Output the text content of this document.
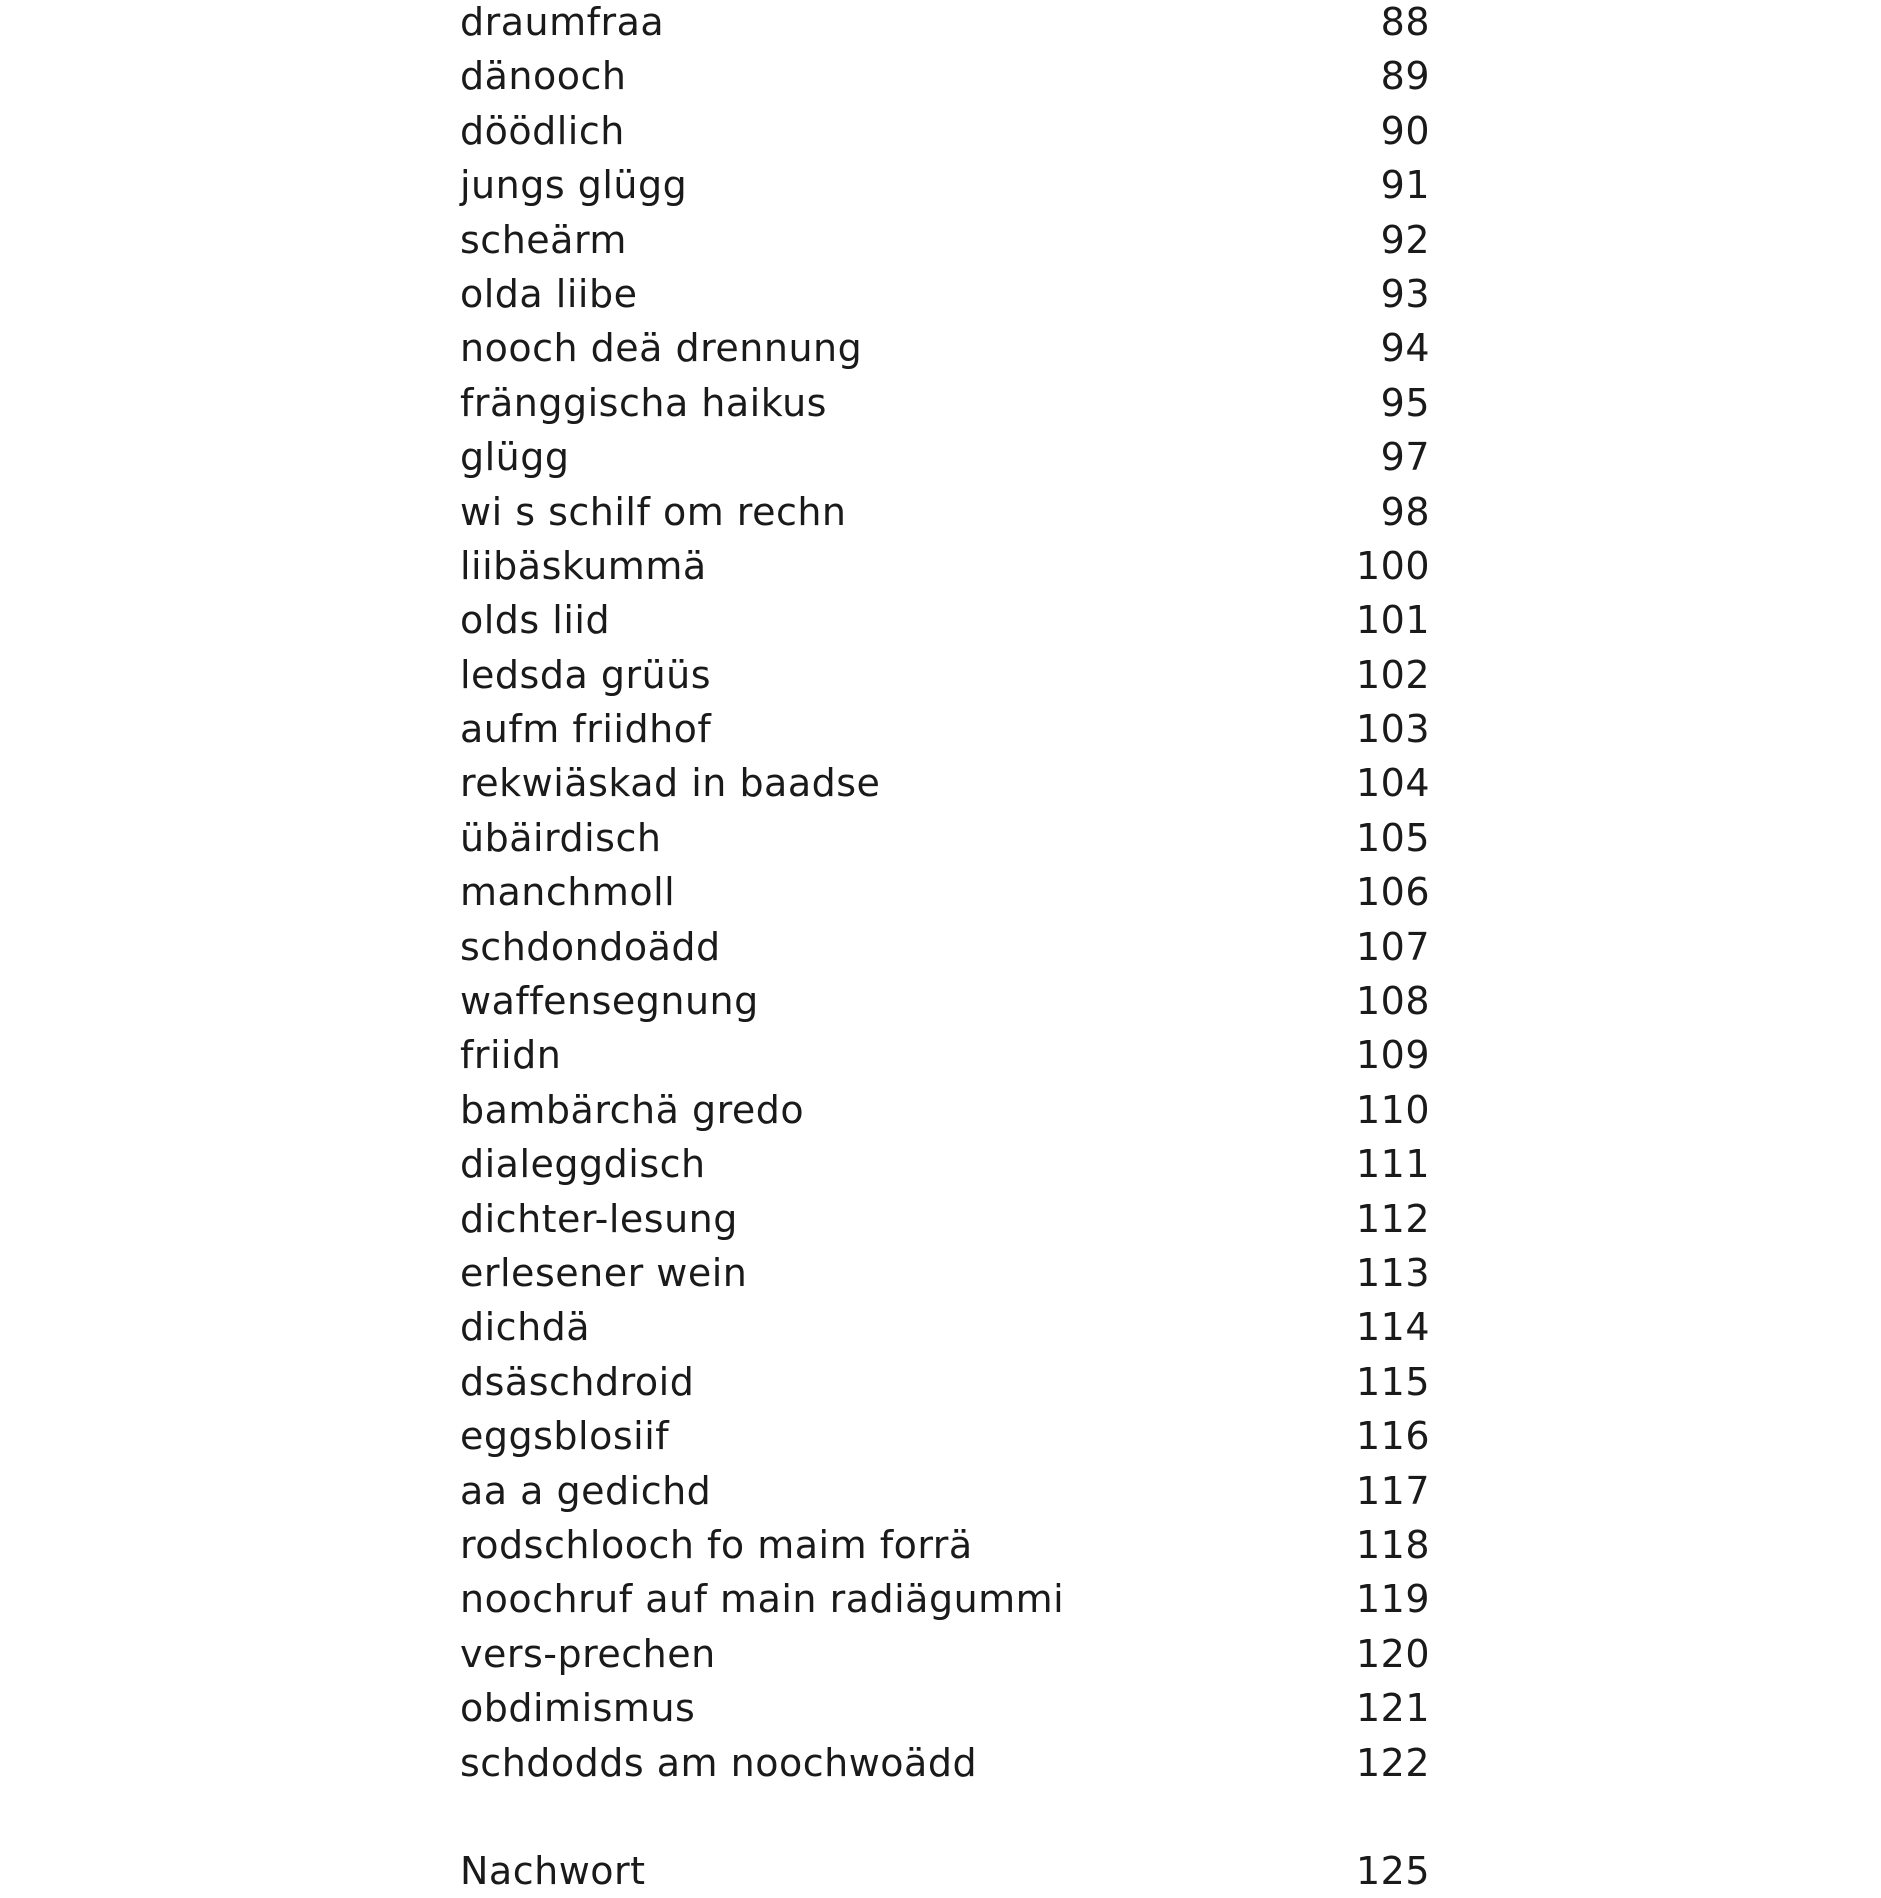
draumfraa	88
dänooch	89
döödlich	90
jungs glügg	91
scheärm	92
olda liibe	93
nooch deä drennung	94
fränggischa haikus	95
glügg	97
wi s schilf om rechn	98
liibäskummä	100
olds liid	101
ledsda grüüs	102
aufm friidhof	103
rekwiäskad in baadse	104
übäirdisch	105
manchmoll	106
schdondoädd	107
waffensegnung	108
friidn	109
bambärchä gredo	110
dialeggdisch	111
dichter-lesung	112
erlesener wein	113
dichdä	114
dsäschdroid	115
eggsblosiif	116
aa a gedichd	117
rodschlooch fo maim forrä	118
noochruf auf main radiägummi	119
vers-prechen	120
obdimismus	121
schdodds am noochwoädd	122
Nachwort	125
